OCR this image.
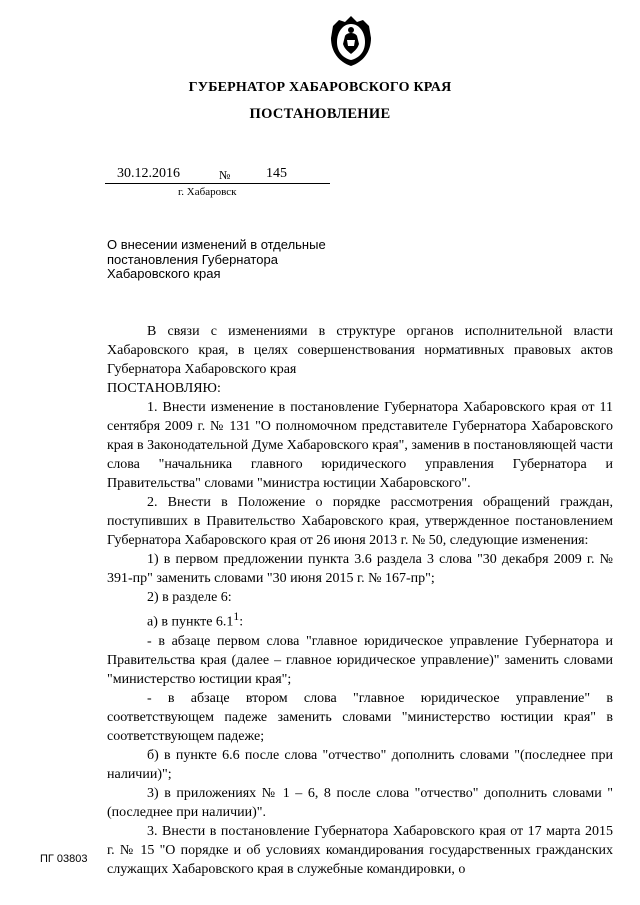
ГУБЕРНАТОР ХАБАРОВСКОГО КРАЯ
ПОСТАНОВЛЕНИЕ
30.12.2016	№	145
г. Хабаровск
О внесении изменений в отдельные постановления Губернатора Хабаровского края

В связи с изменениями в структуре органов исполнительной власти Хабаровского края, в целях совершенствования нормативных правовых актов Губернатора Хабаровского края

ПОСТАНОВЛЯЮ:

1. Внести изменение в постановление Губернатора Хабаровского края от 11 сентября 2009 г. № 131 "О полномочном представителе Губернатора Хабаровского края в Законодательной Думе Хабаровского края", заменив в постановляющей части слова "начальника главного юридического управления Губернатора и Правительства" словами "министра юстиции Хабаровского".

2. Внести в Положение о порядке рассмотрения обращений граждан, поступивших в Правительство Хабаровского края, утвержденное постановлением Губернатора Хабаровского края от 26 июня 2013 г. № 50, следующие изменения:

1) в первом предложении пункта 3.6 раздела 3 слова "30 декабря 2009 г. № 391-пр" заменить словами "30 июня 2015 г. № 167-пр";

2) в разделе 6:

а) в пункте $6.1^1$:

- в абзаце первом слова "главное юридическое управление Губернатора и Правительства края (далее – главное юридическое управление)" заменить словами "министерство юстиции края";

- в абзаце втором слова "главное юридическое управление" в соответствующем падеже заменить словами "министерство юстиции края" в соответствующем падеже;

б) в пункте 6.6 после слова "отчество" дополнить словами "(последнее при наличии)";

3) в приложениях № 1 – 6, 8 после слова "отчество" дополнить словами "(последнее при наличии)".

3. Внести в постановление Губернатора Хабаровского края от 17 марта 2015 г. № 15 "О порядке и об условиях командирования государственных гражданских служащих Хабаровского края в служебные командировки, о

ПГ 03803
